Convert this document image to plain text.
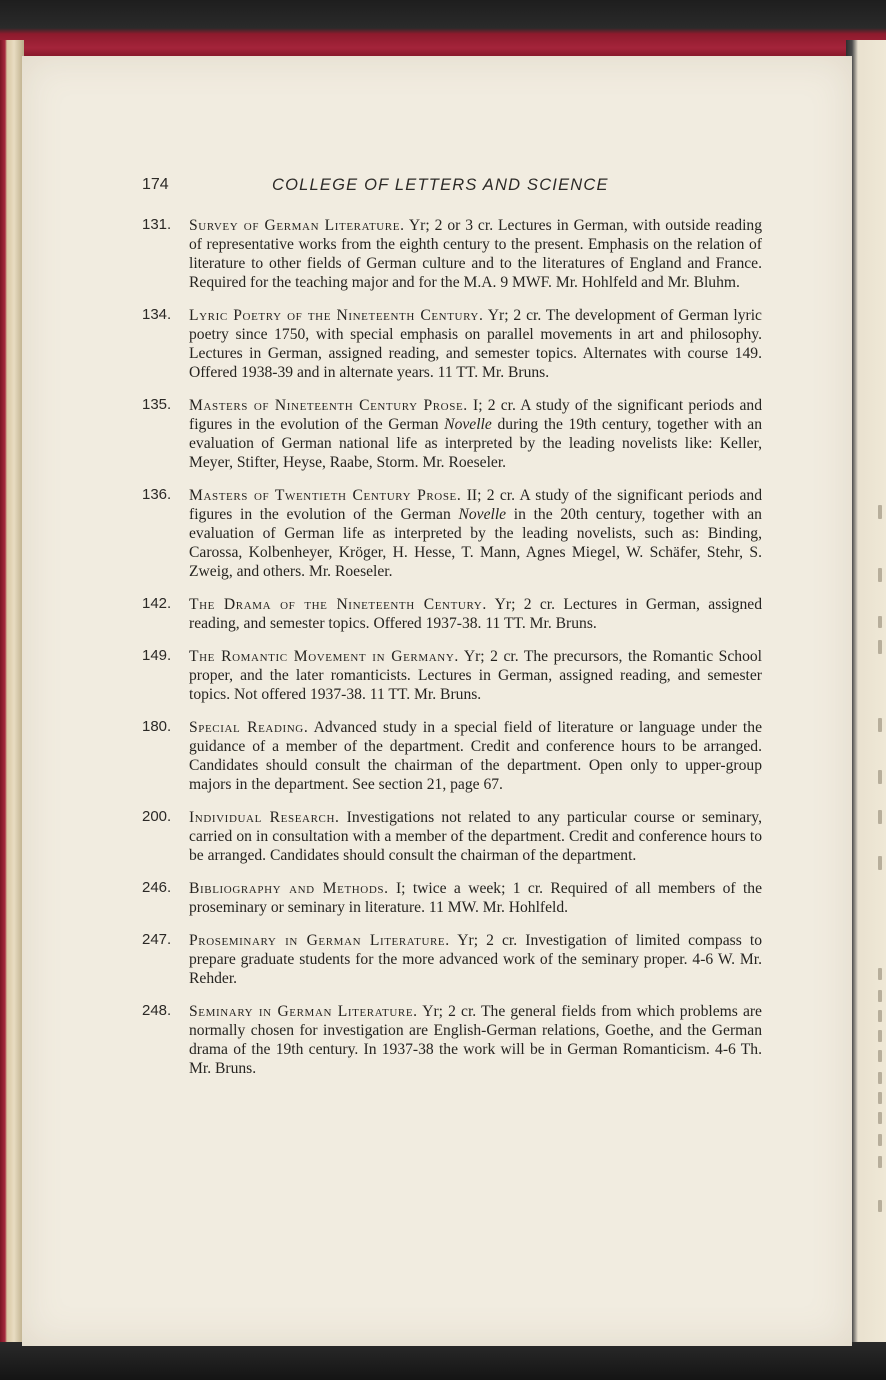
174	COLLEGE OF LETTERS AND SCIENCE
131. Survey of German Literature. Yr; 2 or 3 cr. Lectures in German, with outside reading of representative works from the eighth century to the present. Emphasis on the relation of literature to other fields of German culture and to the literatures of England and France. Required for the teaching major and for the M.A. 9 MWF. Mr. Hohlfeld and Mr. Bluhm.
134. Lyric Poetry of the Nineteenth Century. Yr; 2 cr. The development of German lyric poetry since 1750, with special emphasis on parallel movements in art and philosophy. Lectures in German, assigned reading, and semester topics. Alternates with course 149. Offered 1938-39 and in alternate years. 11 TT. Mr. Bruns.
135. Masters of Nineteenth Century Prose. I; 2 cr. A study of the significant periods and figures in the evolution of the German Novelle during the 19th century, together with an evaluation of German national life as interpreted by the leading novelists like: Keller, Meyer, Stifter, Heyse, Raabe, Storm. Mr. Roeseler.
136. Masters of Twentieth Century Prose. II; 2 cr. A study of the significant periods and figures in the evolution of the German Novelle in the 20th century, together with an evaluation of German life as interpreted by the leading novelists, such as: Binding, Carossa, Kolbenheyer, Kröger, H. Hesse, T. Mann, Agnes Miegel, W. Schäfer, Stehr, S. Zweig, and others. Mr. Roeseler.
142. The Drama of the Nineteenth Century. Yr; 2 cr. Lectures in German, assigned reading, and semester topics. Offered 1937-38. 11 TT. Mr. Bruns.
149. The Romantic Movement in Germany. Yr; 2 cr. The precursors, the Romantic School proper, and the later romanticists. Lectures in German, assigned reading, and semester topics. Not offered 1937-38. 11 TT. Mr. Bruns.
180. Special Reading. Advanced study in a special field of literature or language under the guidance of a member of the department. Credit and conference hours to be arranged. Candidates should consult the chairman of the department. Open only to upper-group majors in the department. See section 21, page 67.
200. Individual Research. Investigations not related to any particular course or seminary, carried on in consultation with a member of the department. Credit and conference hours to be arranged. Candidates should consult the chairman of the department.
246. Bibliography and Methods. I; twice a week; 1 cr. Required of all members of the proseminary or seminary in literature. 11 MW. Mr. Hohlfeld.
247. Proseminary in German Literature. Yr; 2 cr. Investigation of limited compass to prepare graduate students for the more advanced work of the seminary proper. 4-6 W. Mr. Rehder.
248. Seminary in German Literature. Yr; 2 cr. The general fields from which problems are normally chosen for investigation are English-German relations, Goethe, and the German drama of the 19th century. In 1937-38 the work will be in German Romanticism. 4-6 Th. Mr. Bruns.
